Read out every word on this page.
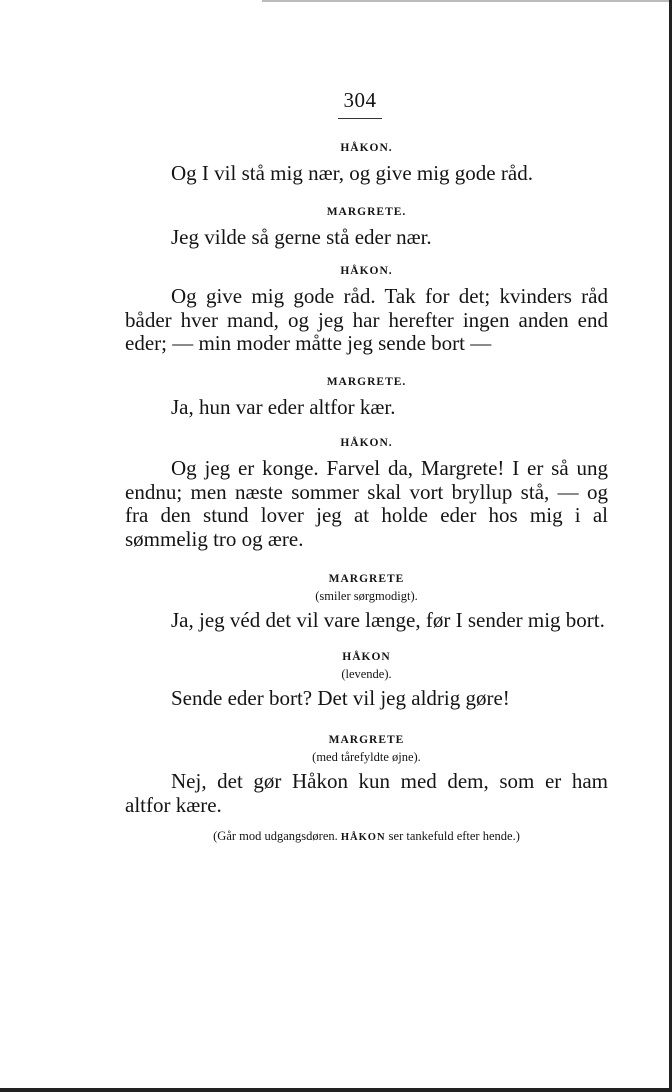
304

HÅKON.

Og I vil stå mig nær, og give mig gode råd.

MARGRETE.

Jeg vilde så gerne stå eder nær.

HÅKON.

Og give mig gode råd. Tak for det; kvinders råd båder hver mand, og jeg har herefter ingen anden end eder; — min moder måtte jeg sende bort —

MARGRETE.

Ja, hun var eder altfor kær.

HÅKON.

Og jeg er konge. Farvel da, Margrete! I er så ung endnu; men næste sommer skal vort bryllup stå, — og fra den stund lover jeg at holde eder hos mig i al sømmelig tro og ære.

MARGRETE

(smiler sørgmodigt).

Ja, jeg véd det vil vare længe, før I sender mig bort.

HÅKON

(levende).

Sende eder bort? Det vil jeg aldrig gøre!

MARGRETE

(med tårefyldte øjne).

Nej, det gør Håkon kun med dem, som er ham altfor kære.

(Går mod udgangsdøren. HÅKON ser tankefuld efter hende.)
